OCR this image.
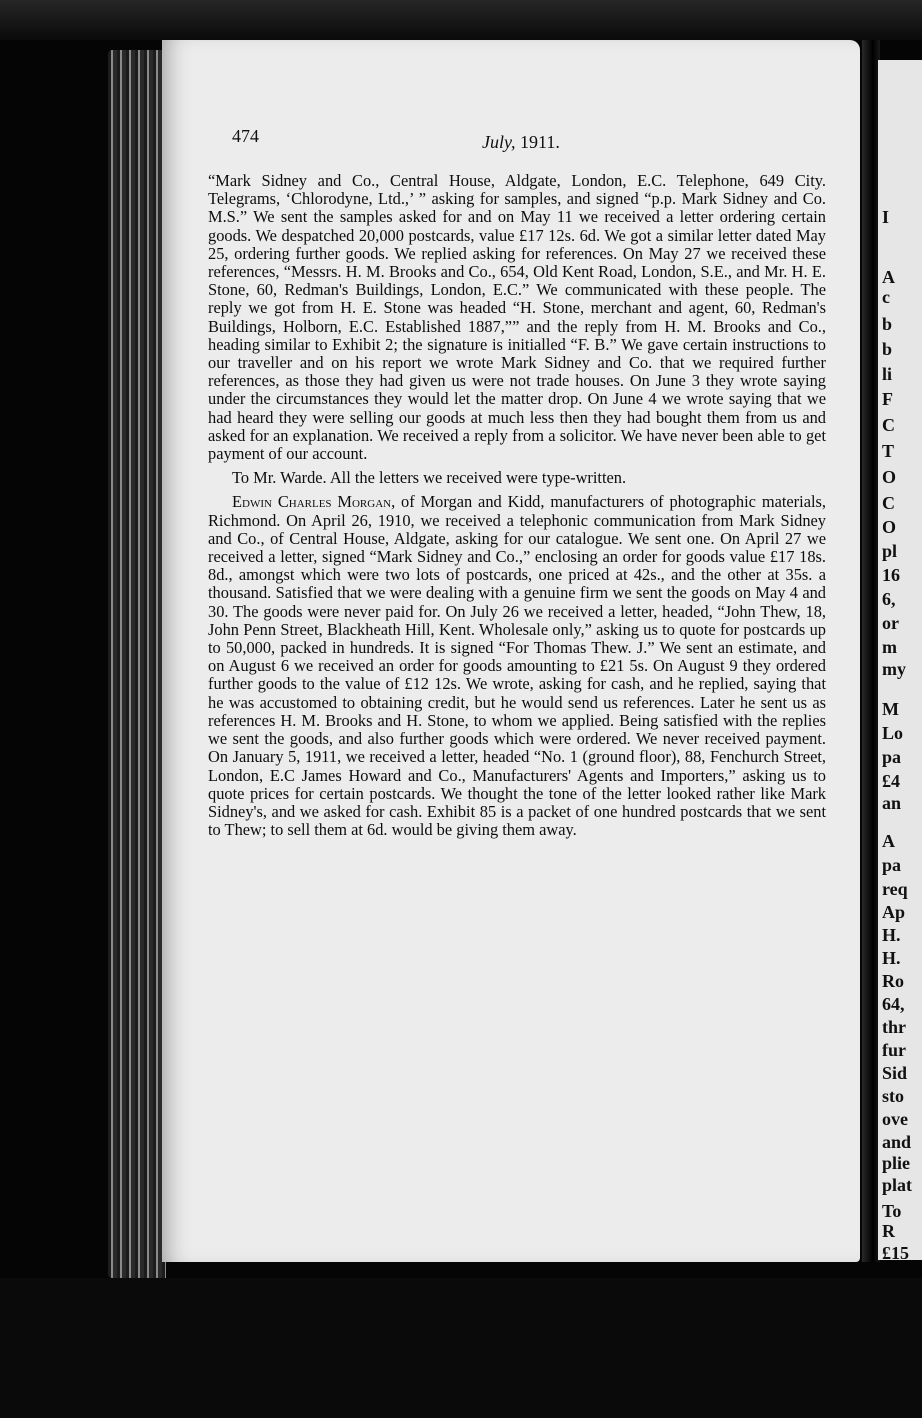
I
A
c
b
b
li
F
C
T
O
C
O
pl
16
6,
or
m
my
M
Lo
pa
£4
an
A
pa
req
Ap
H.
H.
Ro
64,
thr
fur
Sid
sto
ove
and
plie
plat
To
R
£15
474	July, 1911.

“Mark Sidney and Co., Central House, Aldgate, London, E.C. Telephone, 649 City. Telegrams, ‘Chlorodyne, Ltd.,’ ” asking for samples, and signed “p.p. Mark Sidney and Co. M.S.” We sent the samples asked for and on May 11 we received a letter ordering certain goods. We despatched 20,000 postcards, value £17 12s. 6d. We got a similar letter dated May 25, ordering further goods. We replied asking for references. On May 27 we received these references, “Messrs. H. M. Brooks and Co., 654, Old Kent Road, London, S.E., and Mr. H. E. Stone, 60, Redman's Buildings, London, E.C.” We communicated with these people. The reply we got from H. E. Stone was headed “H. Stone, merchant and agent, 60, Redman's Buildings, Holborn, E.C. Established 1887,”” and the reply from H. M. Brooks and Co., heading similar to Exhibit 2; the signature is initialled “F. B.” We gave certain instructions to our traveller and on his report we wrote Mark Sidney and Co. that we required further references, as those they had given us were not trade houses. On June 3 they wrote saying under the circumstances they would let the matter drop. On June 4 we wrote saying that we had heard they were selling our goods at much less then they had bought them from us and asked for an explanation. We received a reply from a solicitor. We have never been able to get payment of our account.

To Mr. Warde. All the letters we received were type-written.

Edwin Charles Morgan, of Morgan and Kidd, manufacturers of photographic materials, Richmond. On April 26, 1910, we received a telephonic communication from Mark Sidney and Co., of Central House, Aldgate, asking for our catalogue. We sent one. On April 27 we received a letter, signed “Mark Sidney and Co.,” enclosing an order for goods value £17 18s. 8d., amongst which were two lots of postcards, one priced at 42s., and the other at 35s. a thousand. Satisfied that we were dealing with a genuine firm we sent the goods on May 4 and 30. The goods were never paid for. On July 26 we received a letter, headed, “John Thew, 18, John Penn Street, Blackheath Hill, Kent. Wholesale only,” asking us to quote for postcards up to 50,000, packed in hundreds. It is signed “For Thomas Thew. J.” We sent an estimate, and on August 6 we received an order for goods amounting to £21 5s. On August 9 they ordered further goods to the value of £12 12s. We wrote, asking for cash, and he replied, saying that he was accustomed to obtaining credit, but he would send us references. Later he sent us as references H. M. Brooks and H. Stone, to whom we applied. Being satisfied with the replies we sent the goods, and also further goods which were ordered. We never received payment. On January 5, 1911, we received a letter, headed “No. 1 (ground floor), 88, Fenchurch Street, London, E.C James Howard and Co., Manufacturers' Agents and Importers,” asking us to quote prices for certain postcards. We thought the tone of the letter looked rather like Mark Sidney's, and we asked for cash. Exhibit 85 is a packet of one hundred postcards that we sent to Thew; to sell them at 6d. would be giving them away.
